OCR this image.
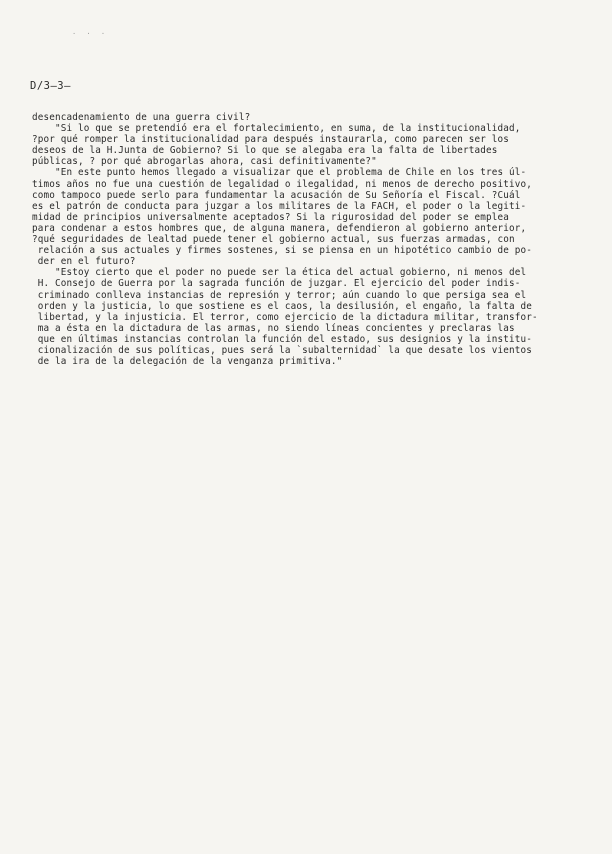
· · ·
D/3—3—
desencadenamiento de una guerra civil?
"Si lo que se pretendió era el fortalecimiento, en suma, de la institucionalidad,
?por qué romper la institucionalidad para después instaurarla, como parecen ser los
deseos de la H.Junta de Gobierno? Si lo que se alegaba era la falta de libertades
públicas, ? por qué abrogarlas ahora, casi definitivamente?"
"En este punto hemos llegado a visualizar que el problema de Chile en los tres úl-
timos años no fue una cuestión de legalidad o ilegalidad, ni menos de derecho positivo,
como tampoco puede serlo para fundamentar la acusación de Su Señoría el Fiscal. ?Cuál
es el patrón de conducta para juzgar a los militares de la FACH, el poder o la legiti-
midad de principios universalmente aceptados? Si la rigurosidad del poder se emplea
para condenar a estos hombres que, de alguna manera, defendieron al gobierno anterior,
?qué seguridades de lealtad puede tener el gobierno actual, sus fuerzas armadas, con
relación a sus actuales y firmes sostenes, si se piensa en un hipotético cambio de po-
der en el futuro?
"Estoy cierto que el poder no puede ser la ética del actual gobierno, ni menos del
H. Consejo de Guerra por la sagrada función de juzgar. El ejercicio del poder indis-
criminado conlleva instancias de represión y terror; aún cuando lo que persiga sea el
orden y la justicia, lo que sostiene es el caos, la desilusión, el engaño, la falta de
libertad, y la injusticia. El terror, como ejercicio de la dictadura militar, transfor-
ma a ésta en la dictadura de las armas, no siendo líneas concientes y preclaras las
que en últimas instancias controlan la función del estado, sus designios y la institu-
cionalización de sus políticas, pues será la `subalternidad` la que desate los vientos
de la ira de la delegación de la venganza primitiva."
